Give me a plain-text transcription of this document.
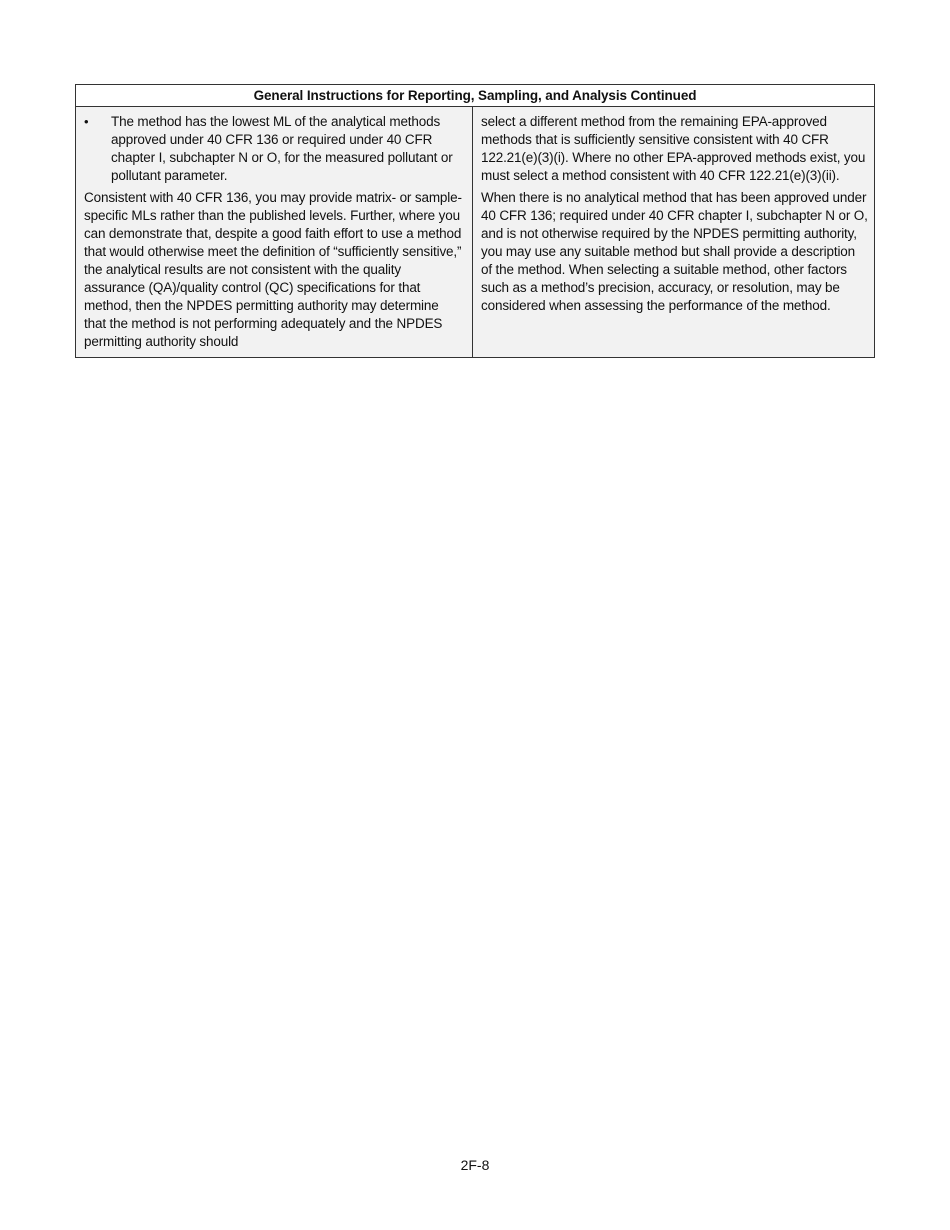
General Instructions for Reporting, Sampling, and Analysis Continued
•	The method has the lowest ML of the analytical methods approved under 40 CFR 136 or required under 40 CFR chapter I, subchapter N or O, for the measured pollutant or pollutant parameter.

Consistent with 40 CFR 136, you may provide matrix- or sample-specific MLs rather than the published levels. Further, where you can demonstrate that, despite a good faith effort to use a method that would otherwise meet the definition of “sufficiently sensitive,” the analytical results are not consistent with the quality assurance (QA)/quality control (QC) specifications for that method, then the NPDES permitting authority may determine that the method is not performing adequately and the NPDES permitting authority should

select a different method from the remaining EPA-approved methods that is sufficiently sensitive consistent with 40 CFR 122.21(e)(3)(i). Where no other EPA-approved methods exist, you must select a method consistent with 40 CFR 122.21(e)(3)(ii).

When there is no analytical method that has been approved under 40 CFR 136; required under 40 CFR chapter I, subchapter N or O, and is not otherwise required by the NPDES permitting authority, you may use any suitable method but shall provide a description of the method. When selecting a suitable method, other factors such as a method’s precision, accuracy, or resolution, may be considered when assessing the performance of the method.

2F-8
